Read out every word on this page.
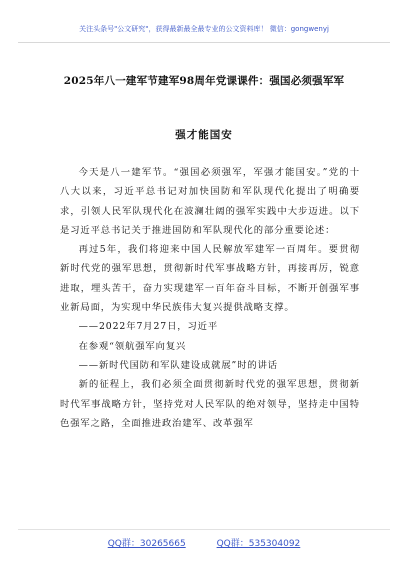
关注头条号"公文研究"，获得最新最全最专业的公文资料库！ 微信：gongwenyj
2025年八一建军节建军98周年党课课件：强国必须强军军
强才能国安

今天是八一建军节。“强国必须强军，军强才能国安。”党的十八大以来，习近平总书记对加快国防和军队现代化提出了明确要求，引领人民军队现代化在波澜壮阔的强军实践中大步迈进。以下是习近平总书记关于推进国防和军队现代化的部分重要论述：

再过5年，我们将迎来中国人民解放军建军一百周年。要贯彻新时代党的强军思想，贯彻新时代军事战略方针，再接再厉，锐意进取，埋头苦干，奋力实现建军一百年奋斗目标，不断开创强军事业新局面，为实现中华民族伟大复兴提供战略支撑。

——2022年7月27日，习近平

在参观“领航强军向复兴

——新时代国防和军队建设成就展”时的讲话

新的征程上，我们必须全面贯彻新时代党的强军思想，贯彻新时代军事战略方针，坚持党对人民军队的绝对领导，坚持走中国特色强军之路，全面推进政治建军、改革强军

QQ群：30265665	QQ群：535304092
